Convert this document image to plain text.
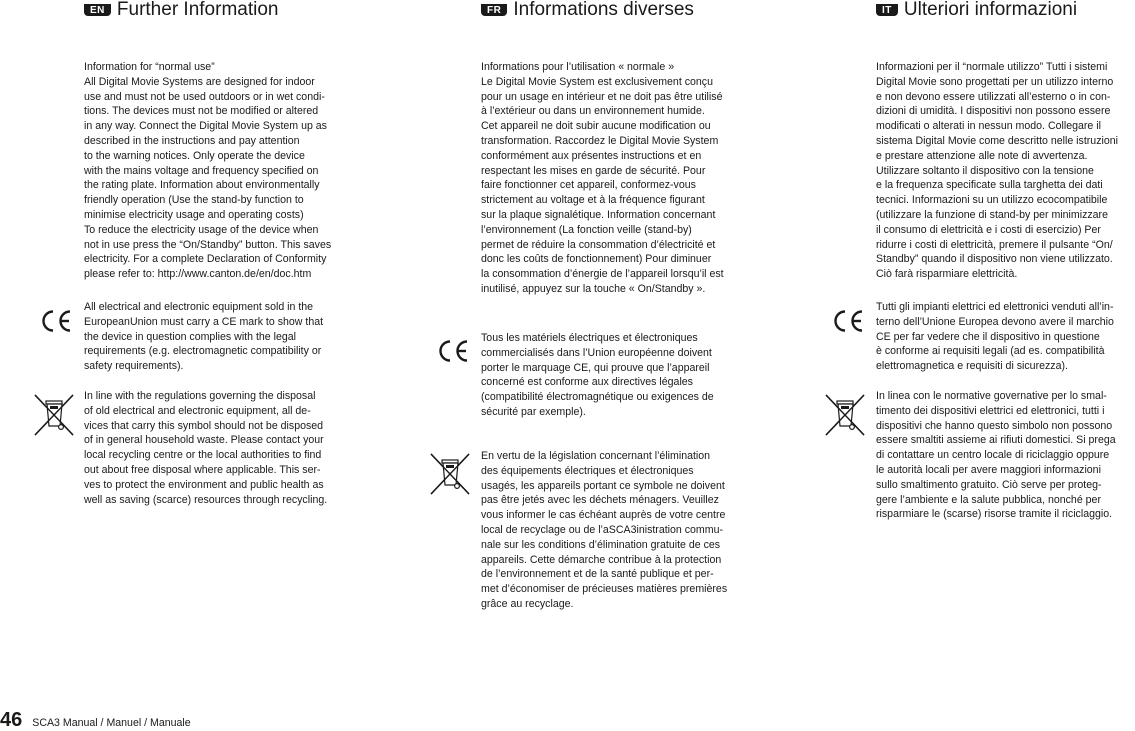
EN Further Information
Information for “normal use”
All Digital Movie Systems are designed for indoor
use and must not be used outdoors or in wet condi-
tions. The devices must not be modified or altered
in any way. Connect the Digital Movie System up as
described in the instructions and pay attention
to the warning notices. Only operate the device
with the mains voltage and frequency specified on
the rating plate. Information about environmentally
friendly operation (Use the stand-by function to
minimise electricity usage and operating costs)
To reduce the electricity usage of the device when
not in use press the “On/Standby” button. This saves
electricity. For a complete Declaration of Conformity
please refer to: http://www.canton.de/en/doc.htm
All electrical and electronic equipment sold in the
EuropeanUnion must carry a CE mark to show that
the device in question complies with the legal
requirements (e.g. electromagnetic compatibility or
safety requirements).
In line with the regulations governing the disposal
of old electrical and electronic equipment, all de-
vices that carry this symbol should not be disposed
of in general household waste. Please contact your
local recycling centre or the local authorities to find
out about free disposal where applicable. This ser-
ves to protect the environment and public health as
well as saving (scarce) resources through recycling.
FR Informations diverses
Informations pour l’utilisation « normale »
Le Digital Movie System est exclusivement conçu
pour un usage en intérieur et ne doit pas être utilisé
à l’extérieur ou dans un environnement humide.
Cet appareil ne doit subir aucune modification ou
transformation. Raccordez le Digital Movie System
conformément aux présentes instructions et en
respectant les mises en garde de sécurité. Pour
faire fonctionner cet appareil, conformez-vous
strictement au voltage et à la fréquence figurant
sur la plaque signalétique. Information concernant
l’environnement (La fonction veille (stand-by)
permet de réduire la consommation d’électricité et
donc les coûts de fonctionnement) Pour diminuer
la consommation d’énergie de l’appareil lorsqu’il est
inutilisé, appuyez sur la touche « On/Standby ».
Tous les matériels électriques et électroniques
commercialisés dans l’Union européenne doivent
porter le marquage CE, qui prouve que l’appareil
concerné est conforme aux directives légales
(compatibilité électromagnétique ou exigences de
sécurité par exemple).
En vertu de la législation concernant l’élimination
des équipements électriques et électroniques
usagés, les appareils portant ce symbole ne doivent
pas être jetés avec les déchets ménagers. Veuillez
vous informer le cas échéant auprès de votre centre
local de recyclage ou de l’aSCA3inistration commu-
nale sur les conditions d’élimination gratuite de ces
appareils. Cette démarche contribue à la protection
de l’environnement et de la santé publique et per-
met d’économiser de précieuses matières premières
grâce au recyclage.
IT Ulteriori informazioni
Informazioni per il “normale utilizzo” Tutti i sistemi
Digital Movie sono progettati per un utilizzo interno
e non devono essere utilizzati all’esterno o in con-
dizioni di umidità. I dispositivi non possono essere
modificati o alterati in nessun modo. Collegare il
sistema Digital Movie come descritto nelle istruzioni
e prestare attenzione alle note di avvertenza.
Utilizzare soltanto il dispositivo con la tensione
e la frequenza specificate sulla targhetta dei dati
tecnici. Informazioni su un utilizzo ecocompatibile
(utilizzare la funzione di stand-by per minimizzare
il consumo di elettricità e i costi di esercizio) Per
ridurre i costi di elettricità, premere il pulsante “On/
Standby” quando il dispositivo non viene utilizzato.
Ciò farà risparmiare elettricità.
Tutti gli impianti elettrici ed elettronici venduti all’in-
terno dell’Unione Europea devono avere il marchio
CE per far vedere che il dispositivo in questione
è conforme ai requisiti legali (ad es. compatibilità
elettromagnetica e requisiti di sicurezza).
In linea con le normative governative per lo smal-
timento dei dispositivi elettrici ed elettronici, tutti i
dispositivi che hanno questo simbolo non possono
essere smaltiti assieme ai rifiuti domestici. Si prega
di contattare un centro locale di riciclaggio oppure
le autorità locali per avere maggiori informazioni
sullo smaltimento gratuito. Ciò serve per proteg-
gere l’ambiente e la salute pubblica, nonché per
risparmiare le (scarse) risorse tramite il riciclaggio.
46 SCA3 Manual / Manuel / Manuale
